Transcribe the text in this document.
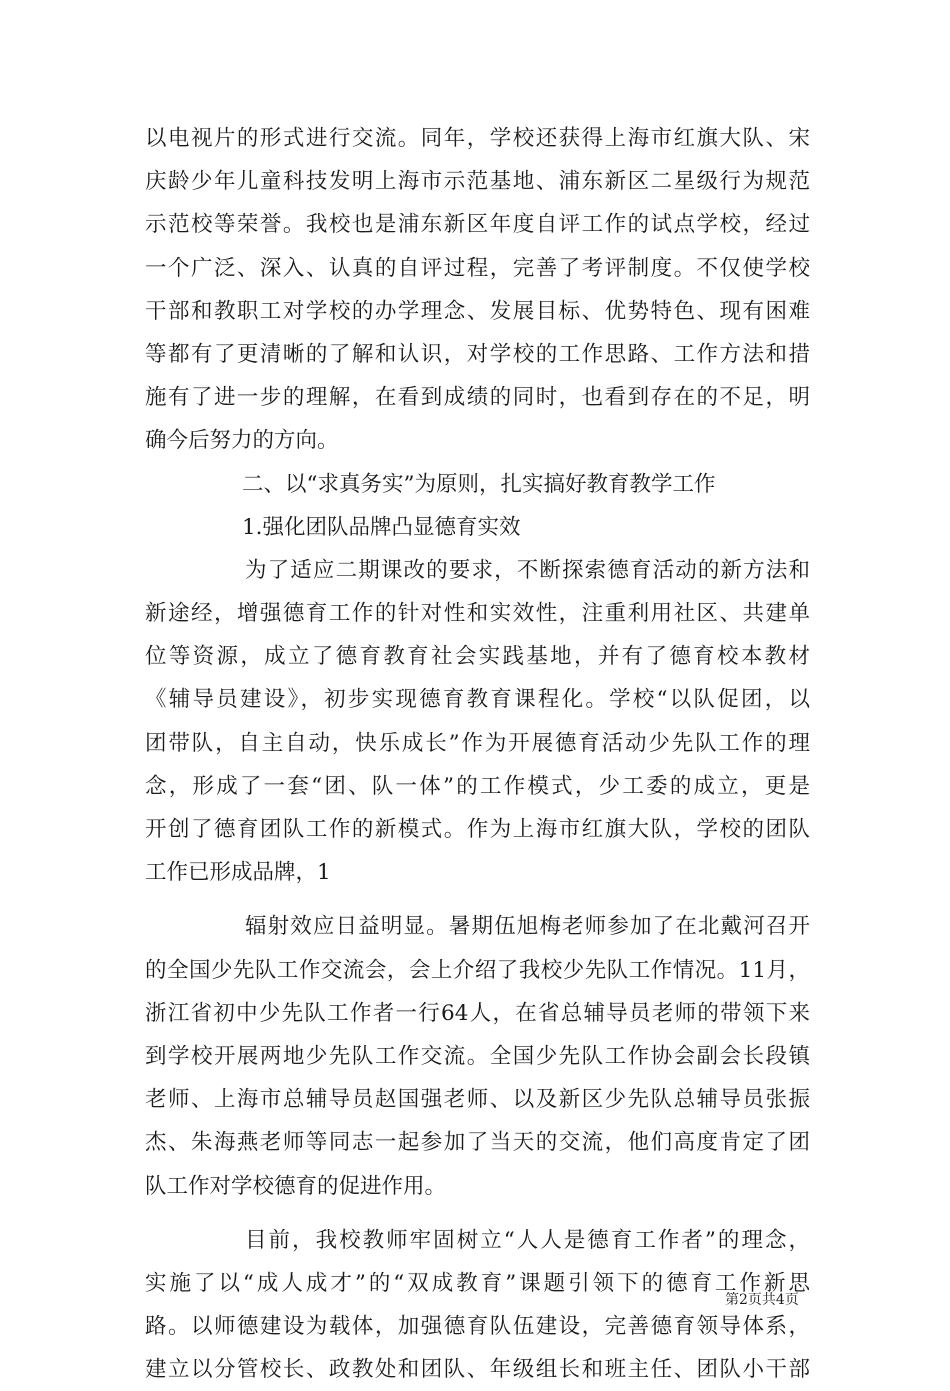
以电视片的形式进行交流。同年，学校还获得上海市红旗大队、宋
庆龄少年儿童科技发明上海市示范基地、浦东新区二星级行为规范
示范校等荣誉。我校也是浦东新区年度自评工作的试点学校，经过
一个广泛、深入、认真的自评过程，完善了考评制度。不仅使学校
干部和教职工对学校的办学理念、发展目标、优势特色、现有困难
等都有了更清晰的了解和认识，对学校的工作思路、工作方法和措
施有了进一步的理解，在看到成绩的同时，也看到存在的不足，明
确今后努力的方向。
二、以“求真务实”为原则，扎实搞好教育教学工作
1.强化团队品牌凸显德育实效
为了适应二期课改的要求，不断探索德育活动的新方法和
新途经，增强德育工作的针对性和实效性，注重利用社区、共建单
位等资源，成立了德育教育社会实践基地，并有了德育校本教材
《辅导员建设》，初步实现德育教育课程化。学校“以队促团，以
团带队，自主自动，快乐成长”作为开展德育活动少先队工作的理
念，形成了一套“团、队一体”的工作模式，少工委的成立，更是
开创了德育团队工作的新模式。作为上海市红旗大队，学校的团队
工作已形成品牌，1
辐射效应日益明显。暑期伍旭梅老师参加了在北戴河召开
的全国少先队工作交流会，会上介绍了我校少先队工作情况。11月，
浙江省初中少先队工作者一行64人，在省总辅导员老师的带领下来
到学校开展两地少先队工作交流。全国少先队工作协会副会长段镇
老师、上海市总辅导员赵国强老师、以及新区少先队总辅导员张振
杰、朱海燕老师等同志一起参加了当天的交流，他们高度肯定了团
队工作对学校德育的促进作用。
目前，我校教师牢固树立“人人是德育工作者”的理念，
实施了以“成人成才”的“双成教育”课题引领下的德育工作新思
路。以师德建设为载体，加强德育队伍建设，完善德育领导体系，
建立以分管校长、政教处和团队、年级组长和班主任、团队小干部
第2页共4页
